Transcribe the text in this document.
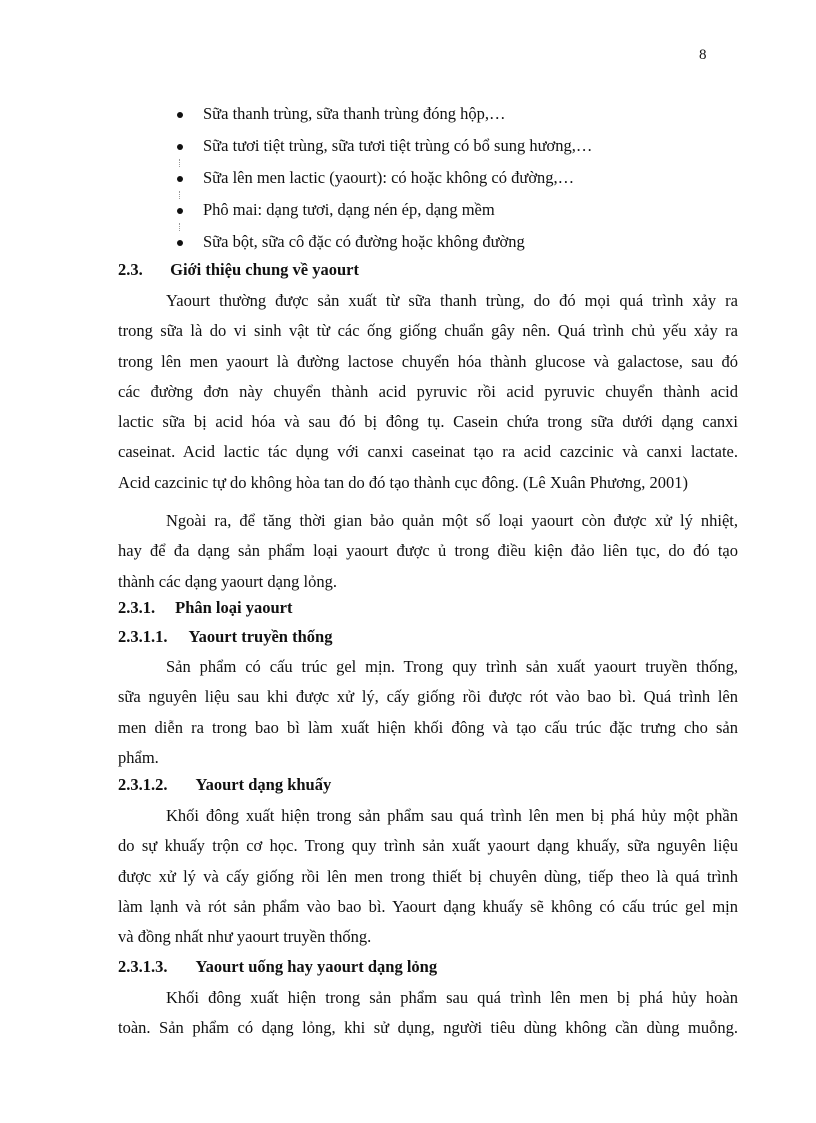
8
Sữa thanh trùng, sữa thanh trùng đóng hộp,…
Sữa tươi tiệt trùng, sữa tươi tiệt trùng có bổ sung hương,…
Sữa lên men lactic (yaourt): có hoặc không có đường,…
Phô mai: dạng tươi, dạng nén ép, dạng mềm
Sữa bột, sữa cô đặc có đường hoặc không đường
2.3. Giới thiệu chung về yaourt
Yaourt thường được sản xuất từ sữa thanh trùng, do đó mọi quá trình xảy ra
trong sữa là do vi sinh vật từ các ống giống chuẩn gây nên. Quá trình chủ yếu xảy ra
trong lên men yaourt là đường lactose chuyển hóa thành glucose và galactose, sau đó
các đường đơn này chuyển thành acid pyruvic rồi acid pyruvic chuyển thành acid
lactic sữa bị acid hóa và sau đó bị đông tụ. Casein chứa trong sữa dưới dạng canxi
caseinat. Acid lactic tác dụng với canxi caseinat tạo ra acid cazcinic và canxi lactate.
Acid cazcinic tự do không hòa tan do đó tạo thành cục đông. (Lê Xuân Phương, 2001)
Ngoài ra, để tăng thời gian bảo quản một số loại yaourt còn được xử lý nhiệt,
hay để đa dạng sản phẩm loại yaourt được ủ trong điều kiện đảo liên tục, do đó tạo
thành các dạng yaourt dạng lỏng.
2.3.1. Phân loại yaourt
2.3.1.1. Yaourt truyền thống
Sản phẩm có cấu trúc gel mịn. Trong quy trình sản xuất yaourt truyền thống,
sữa nguyên liệu sau khi được xử lý, cấy giống rồi được rót vào bao bì. Quá trình lên
men diễn ra trong bao bì làm xuất hiện khối đông và tạo cấu trúc đặc trưng cho sản
phẩm.
2.3.1.2. Yaourt dạng khuấy
Khối đông xuất hiện trong sản phẩm sau quá trình lên men bị phá hủy một phần
do sự khuấy trộn cơ học. Trong quy trình sản xuất yaourt dạng khuấy, sữa nguyên liệu
được xử lý và cấy giống rồi lên men trong thiết bị chuyên dùng, tiếp theo là quá trình
làm lạnh và rót sản phẩm vào bao bì. Yaourt dạng khuấy sẽ không có cấu trúc gel mịn
và đồng nhất như yaourt truyền thống.
2.3.1.3. Yaourt uống hay yaourt dạng lỏng
Khối đông xuất hiện trong sản phẩm sau quá trình lên men bị phá hủy hoàn
toàn. Sản phẩm có dạng lỏng, khi sử dụng, người tiêu dùng không cần dùng muỗng.
